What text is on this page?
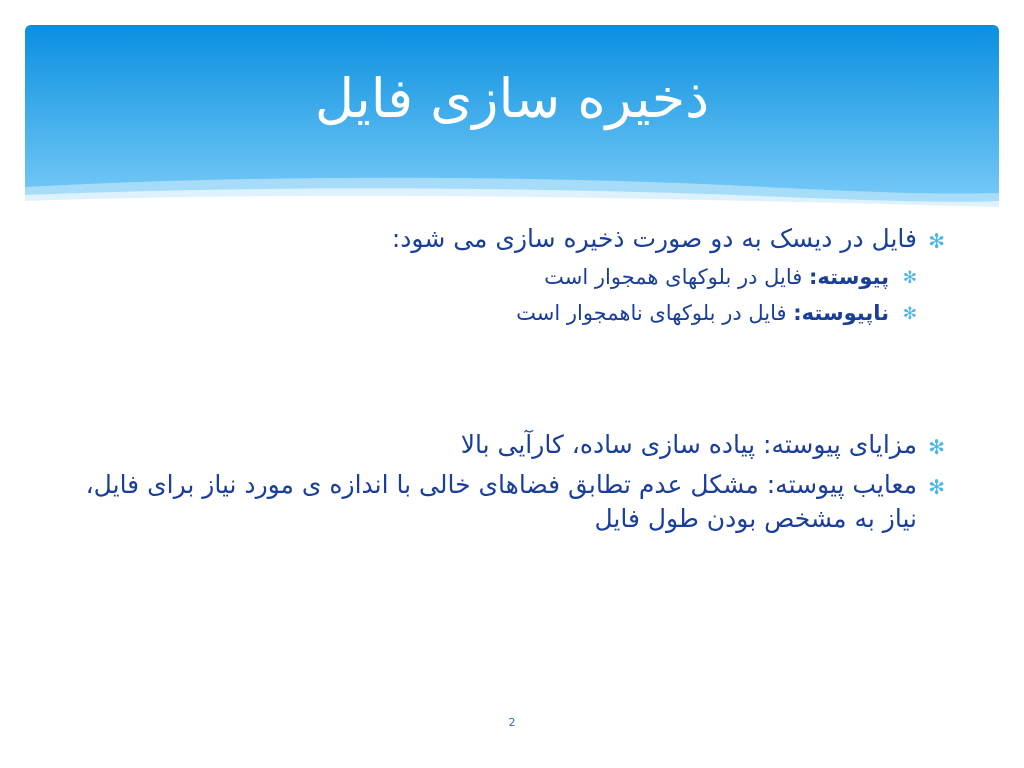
ذخیره سازی فایل
✻
فایل در دیسک به دو صورت ذخیره سازی می شود:
✻
پیوسته: فایل در بلوکهای همجوار است
✻
ناپیوسته: فایل در بلوکهای ناهمجوار است
✻
مزایای پیوسته: پیاده سازی ساده، کارآیی بالا
✻
معایب پیوسته: مشکل عدم تطابق فضاهای خالی با اندازه ی مورد نیاز برای فایل، نیاز به مشخص بودن طول فایل
2
